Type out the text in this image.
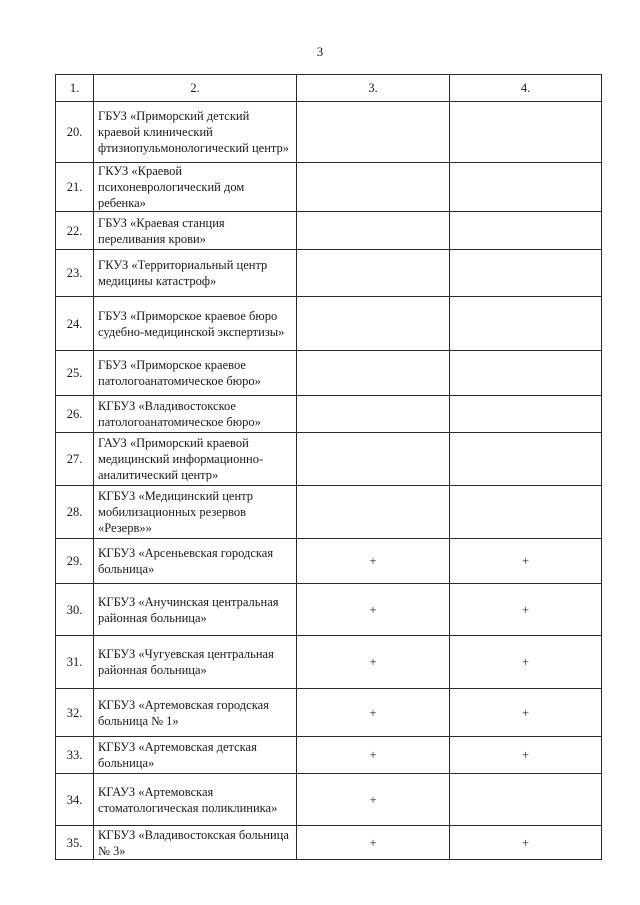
3
1.	2.	3.	4.
20.	ГБУЗ «Приморский детский краевой клинический фтизиопульмонологический центр»		
21.	ГКУЗ «Краевой психоневрологический дом ребенка»		
22.	ГБУЗ «Краевая станция переливания крови»		
23.	ГКУЗ «Территориальный центр медицины катастроф»		
24.	ГБУЗ «Приморское краевое бюро судебно-медицинской экспертизы»		
25.	ГБУЗ «Приморское краевое патологоанатомическое бюро»		
26.	КГБУЗ «Владивостокское патологоанатомическое бюро»		
27.	ГАУЗ «Приморский краевой медицинский информационно-аналитический центр»		
28.	КГБУЗ «Медицинский центр мобилизационных резервов «Резерв»»		
29.	КГБУЗ «Арсеньевская городская больница»	+	+
30.	КГБУЗ «Анучинская центральная районная больница»	+	+
31.	КГБУЗ «Чугуевская центральная районная больница»	+	+
32.	КГБУЗ «Артемовская городская больница № 1»	+	+
33.	КГБУЗ «Артемовская детская больница»	+	+
34.	КГАУЗ «Артемовская стоматологическая поликлиника»	+	
35.	КГБУЗ «Владивостокская больница № 3»	+	+
